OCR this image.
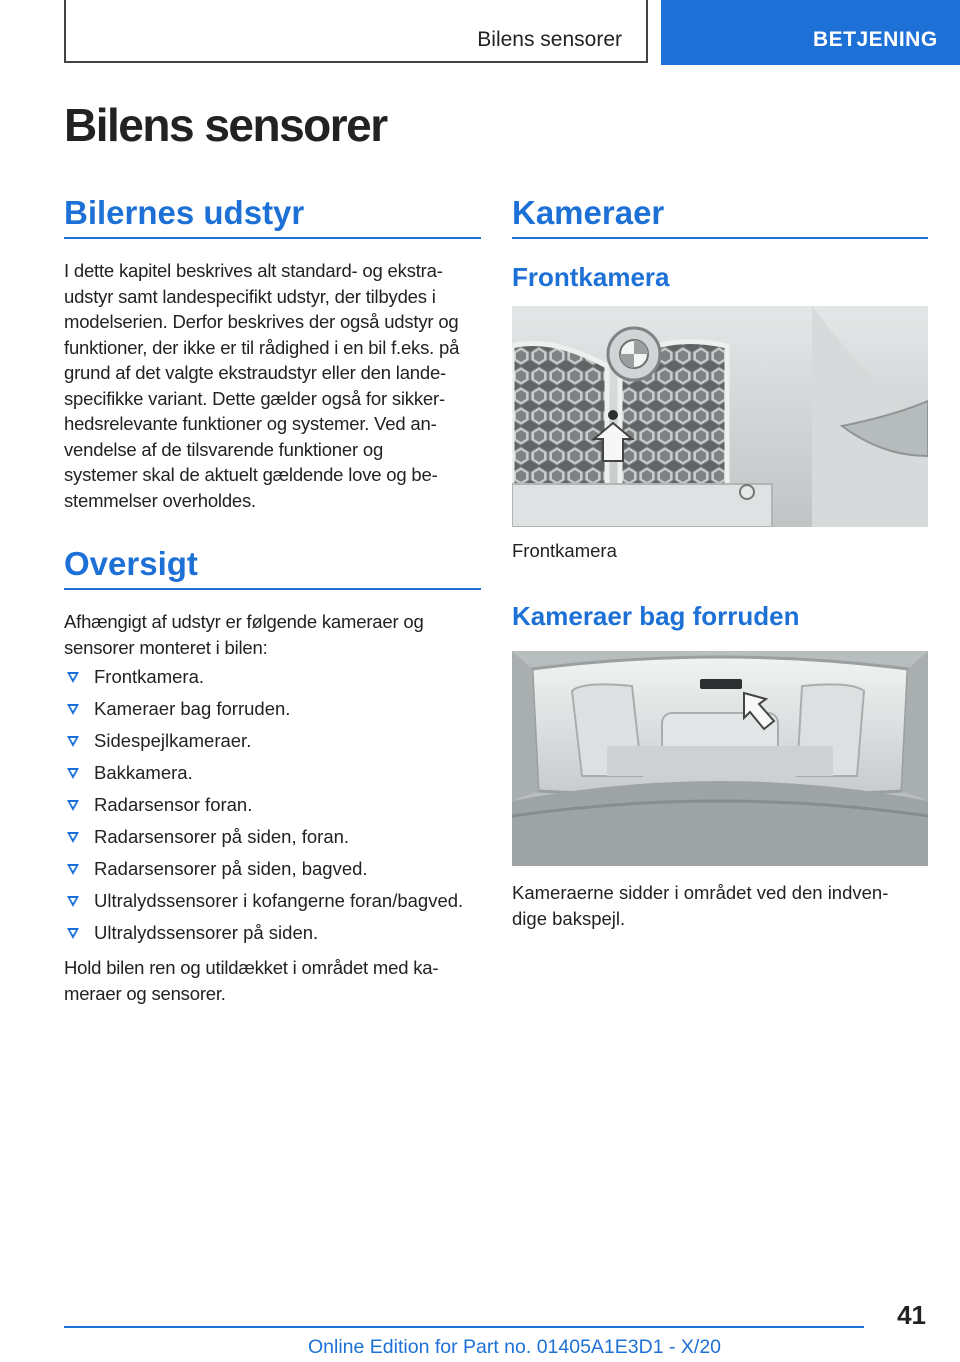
Bilens sensorer	BETJENING
Bilens sensorer
Bilernes udstyr

I dette kapitel beskrives alt standard- og ekstra-
udstyr samt landespecifikt udstyr, der tilbydes i
modelserien. Derfor beskrives der også udstyr og
funktioner, der ikke er til rådighed i en bil f.eks. på
grund af det valgte ekstraudstyr eller den lande-
specifikke variant. Dette gælder også for sikker-
hedsrelevante funktioner og systemer. Ved an-
vendelse af de tilsvarende funktioner og
systemer skal de aktuelt gældende love og be-
stemmelser overholdes.

Oversigt

Afhængigt af udstyr er følgende kameraer og
sensorer monteret i bilen:

Frontkamera.
Kameraer bag forruden.
Sidespejlkameraer.
Bakkamera.
Radarsensor foran.
Radarsensorer på siden, foran.
Radarsensorer på siden, bagved.
Ultralydssensorer i kofangerne foran/bagved.
Ultralydssensorer på siden.

Hold bilen ren og utildækket i området med ka-
meraer og sensorer.

Kameraer
Frontkamera

Frontkamera

Kameraer bag forruden

Kameraerne sidder i området ved den indven-
dige bakspejl.

41
Online Edition for Part no. 01405A1E3D1 - X/20
